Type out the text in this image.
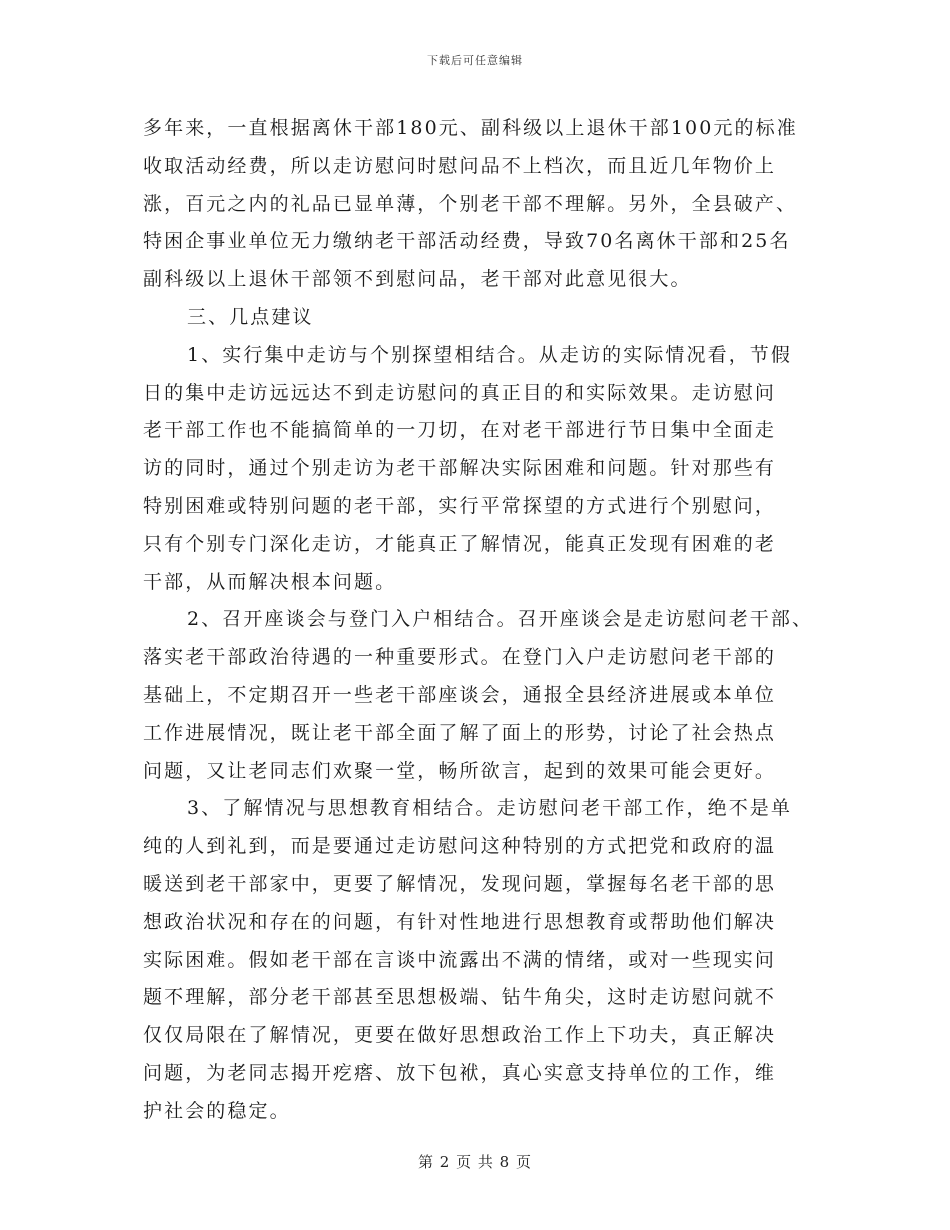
下载后可任意编辑
多年来，一直根据离休干部180元、副科级以上退休干部100元的标准
收取活动经费，所以走访慰问时慰问品不上档次，而且近几年物价上
涨，百元之内的礼品已显单薄，个别老干部不理解。另外，全县破产、
特困企事业单位无力缴纳老干部活动经费，导致70名离休干部和25名
副科级以上退休干部领不到慰问品，老干部对此意见很大。
三、几点建议
1、实行集中走访与个别探望相结合。从走访的实际情况看，节假
日的集中走访远远达不到走访慰问的真正目的和实际效果。走访慰问
老干部工作也不能搞简单的一刀切，在对老干部进行节日集中全面走
访的同时，通过个别走访为老干部解决实际困难和问题。针对那些有
特别困难或特别问题的老干部，实行平常探望的方式进行个别慰问，
只有个别专门深化走访，才能真正了解情况，能真正发现有困难的老
干部，从而解决根本问题。
2、召开座谈会与登门入户相结合。召开座谈会是走访慰问老干部、
落实老干部政治待遇的一种重要形式。在登门入户走访慰问老干部的
基础上，不定期召开一些老干部座谈会，通报全县经济进展或本单位
工作进展情况，既让老干部全面了解了面上的形势，讨论了社会热点
问题，又让老同志们欢聚一堂，畅所欲言，起到的效果可能会更好。
3、了解情况与思想教育相结合。走访慰问老干部工作，绝不是单
纯的人到礼到，而是要通过走访慰问这种特别的方式把党和政府的温
暖送到老干部家中，更要了解情况，发现问题，掌握每名老干部的思
想政治状况和存在的问题，有针对性地进行思想教育或帮助他们解决
实际困难。假如老干部在言谈中流露出不满的情绪，或对一些现实问
题不理解，部分老干部甚至思想极端、钻牛角尖，这时走访慰问就不
仅仅局限在了解情况，更要在做好思想政治工作上下功夫，真正解决
问题，为老同志揭开疙瘩、放下包袱，真心实意支持单位的工作，维
护社会的稳定。
第 2 页 共 8 页
